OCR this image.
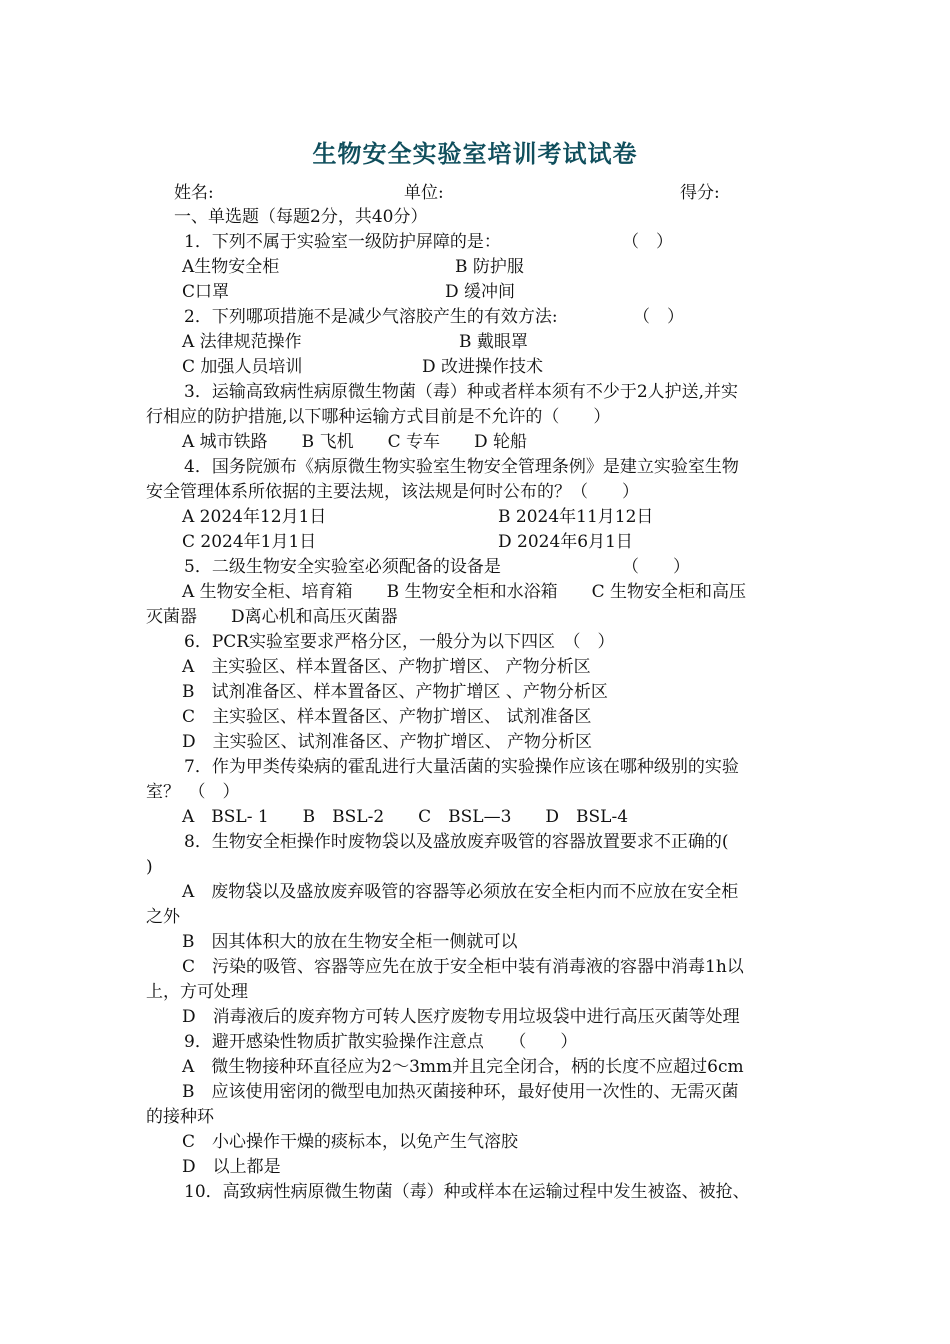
生物安全实验室培训考试试卷

姓名:

	单位:

	得分:

一、单选题（每题2分，共40分）
1．下列不属于实验室一级防护屏障的是：	（　）
A生物安全柜	B 防护服
C口罩	D 缓冲间
2．下列哪项措施不是减少气溶胶产生的有效方法:	（　）
A 法律规范操作	B 戴眼罩
C 加强人员培训	D 改进操作技术
3．运输高致病性病原微生物菌（毒）种或者样本须有不少于2人护送,并实
行相应的防护措施,以下哪种运输方式目前是不允许的（　　）
A 城市铁路　　B 飞机　　C 专车　　D 轮船
4．国务院颁布《病原微生物实验室生物安全管理条例》是建立实验室生物
安全管理体系所依据的主要法规，该法规是何时公布的？（　　）
A 2024年12月1日	B 2024年11月12日
C 2024年1月1日	D 2024年6月1日
5．二级生物安全实验室必须配备的设备是	（　　）
A 生物安全柜、培育箱　　B 生物安全柜和水浴箱　　C 生物安全柜和高压
灭菌器　　D离心机和高压灭菌器
6．PCR实验室要求严格分区，一般分为以下四区　（　）
A　主实验区、样本置备区、产物扩增区、 产物分析区
B　试剂准备区、样本置备区、产物扩增区 、产物分析区
C　主实验区、样本置备区、产物扩增区、 试剂准备区
D　主实验区、试剂准备区、产物扩增区、 产物分析区
7．作为甲类传染病的霍乱进行大量活菌的实验操作应该在哪种级别的实验
室？　（　）
A　BSL- 1　　B　BSL-2　　C　BSL—3　　D　BSL-4
8．生物安全柜操作时废物袋以及盛放废弃吸管的容器放置要求不正确的(
)
A　废物袋以及盛放废弃吸管的容器等必须放在安全柜内而不应放在安全柜
之外
B　因其体积大的放在生物安全柜一侧就可以
C　污染的吸管、容器等应先在放于安全柜中装有消毒液的容器中消毒1h以
上，方可处理
D　消毒液后的废弃物方可转人医疗废物专用垃圾袋中进行高压灭菌等处理
9．避开感染性物质扩散实验操作注意点　　（　　）
A　微生物接种环直径应为2～3mm并且完全闭合，柄的长度不应超过6cm
B　应该使用密闭的微型电加热灭菌接种环，最好使用一次性的、无需灭菌
的接种环
C　小心操作干燥的痰标本，以免产生气溶胶
D　以上都是
10．高致病性病原微生物菌（毒）种或样本在运输过程中发生被盗、被抢、
